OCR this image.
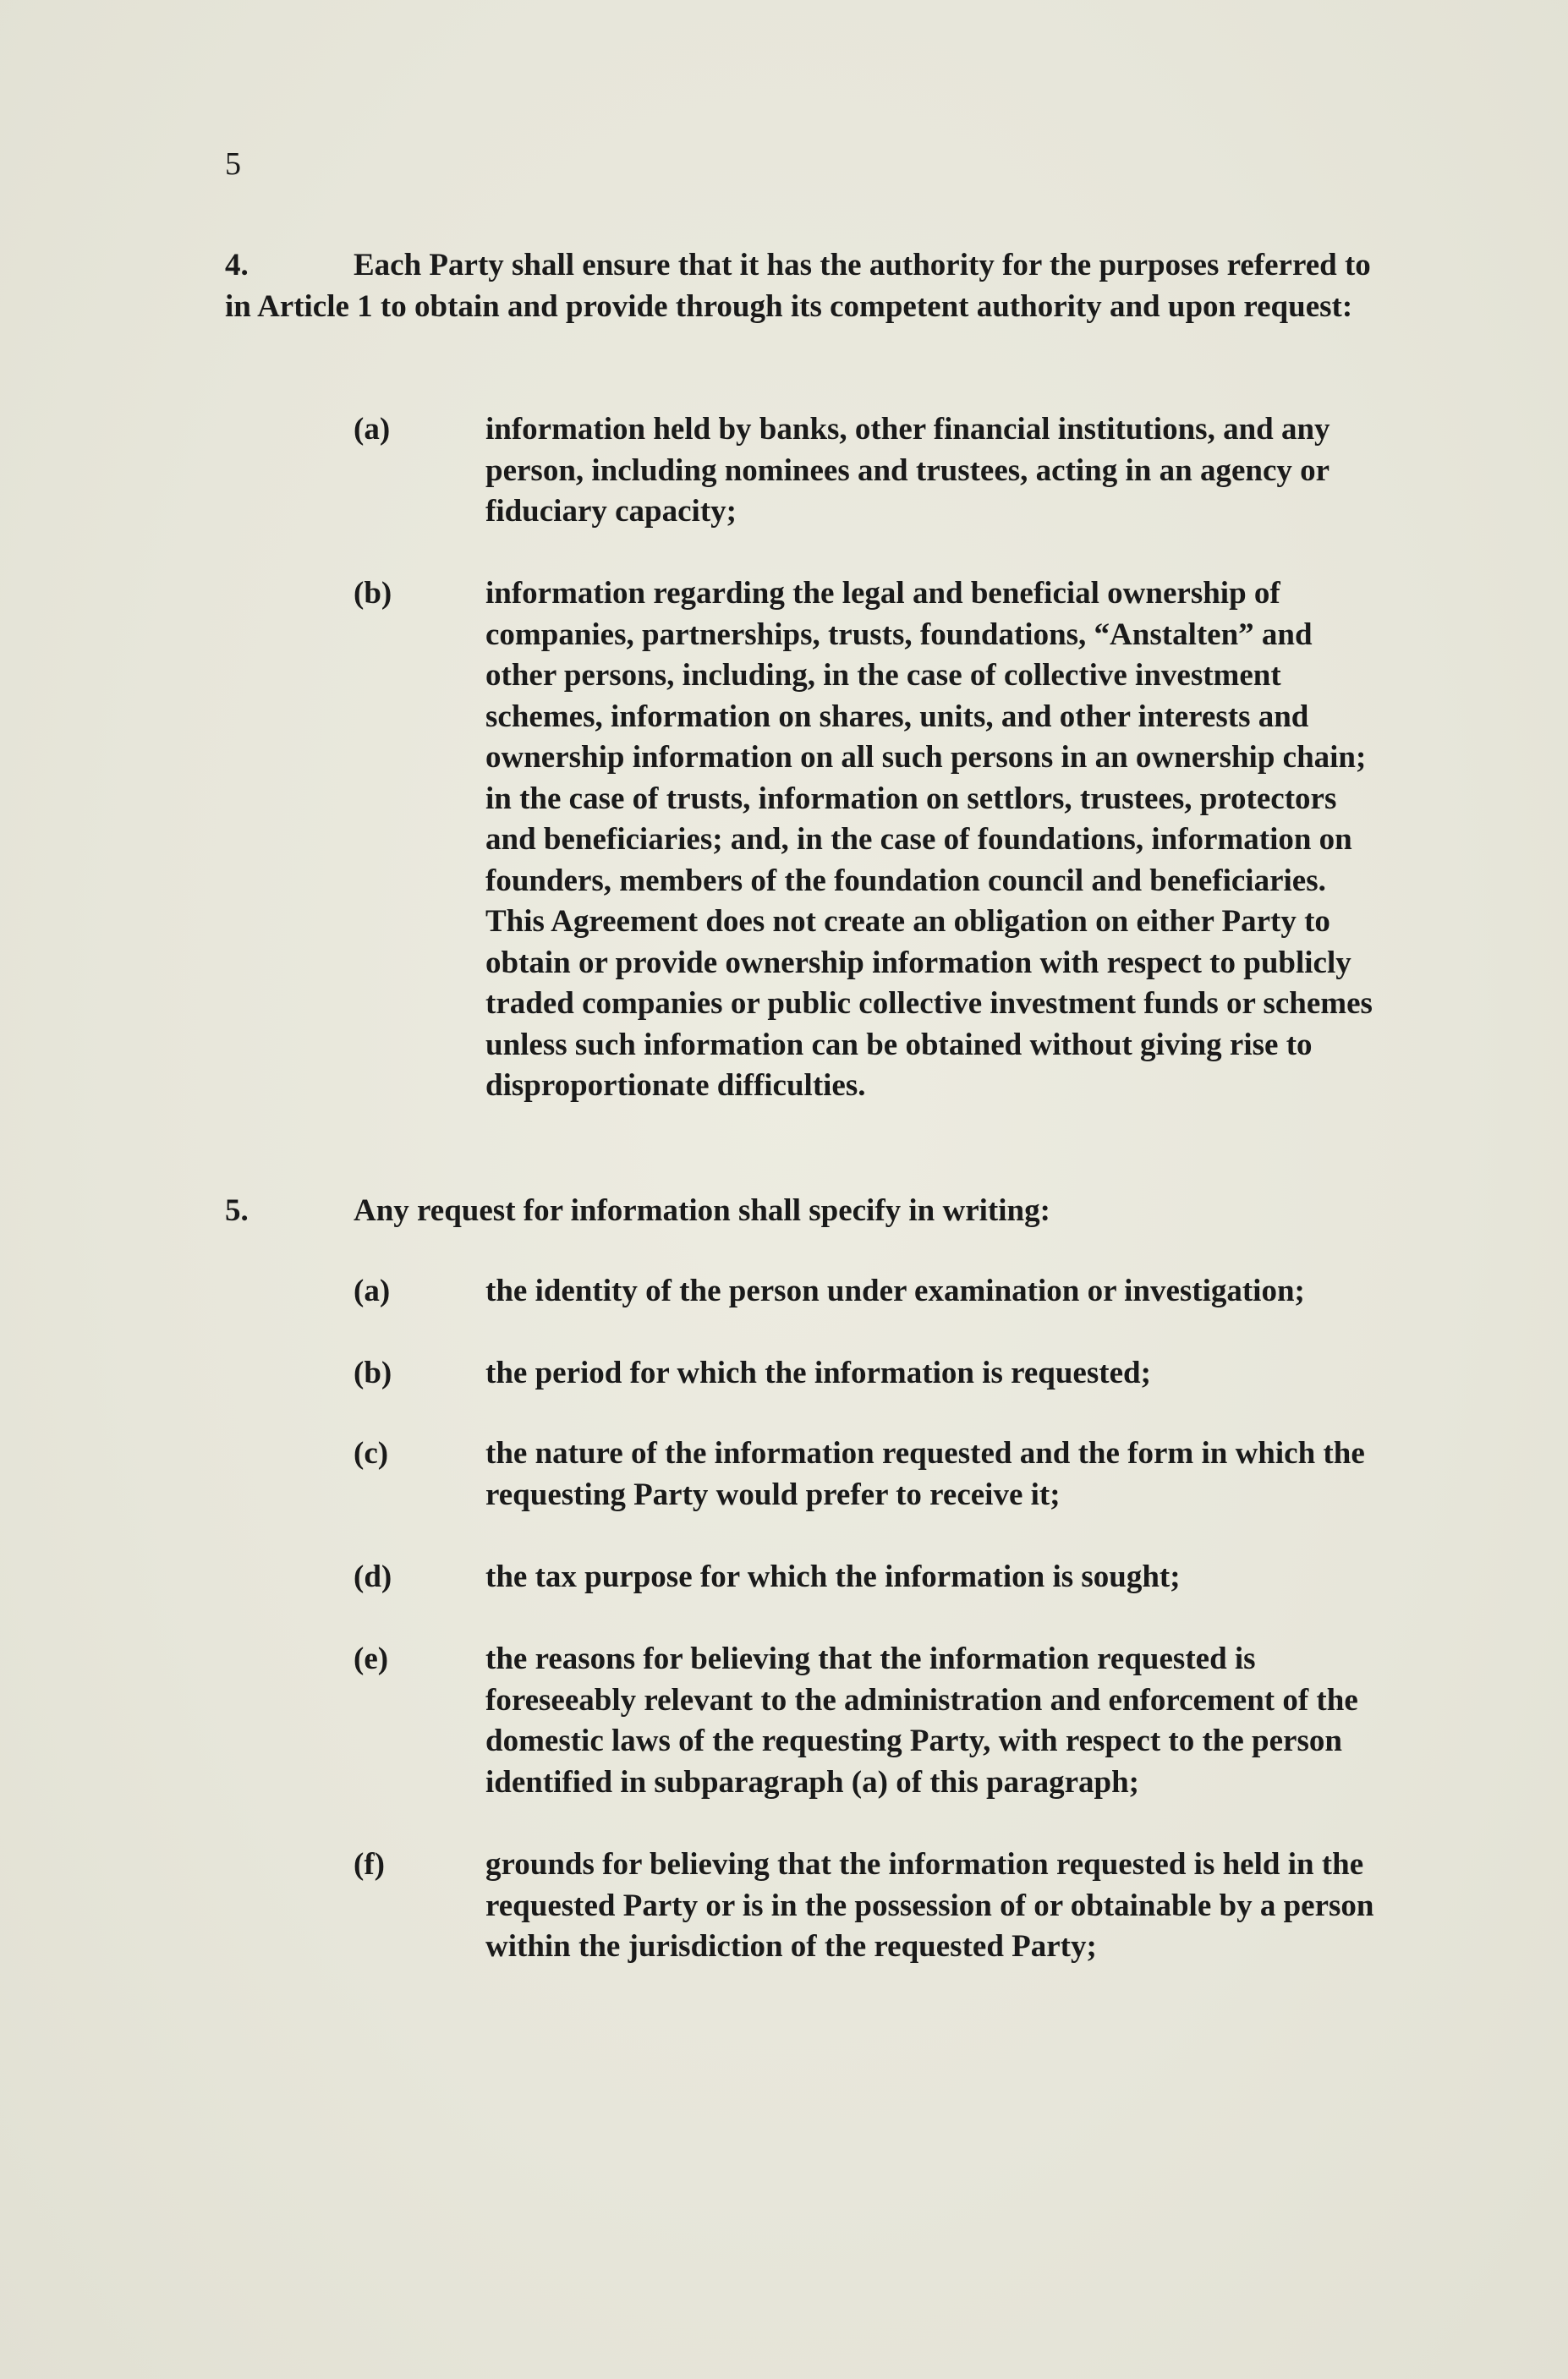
5
4.	Each Party shall ensure that it has the authority for the purposes referred to in Article 1 to obtain and provide through its competent authority and upon request:
(a)	information held by banks, other financial institutions, and any person, including nominees and trustees, acting in an agency or fiduciary capacity;
(b)	information regarding the legal and beneficial ownership of companies, partnerships, trusts, foundations, “Anstalten” and other persons, including, in the case of collective investment schemes, information on shares, units, and other interests and ownership information on all such persons in an ownership chain; in the case of trusts, information on settlors, trustees, protectors and beneficiaries; and, in the case of foundations, information on founders, members of the foundation council and beneficiaries. This Agreement does not create an obligation on either Party to obtain or provide ownership information with respect to publicly traded companies or public collective investment funds or schemes unless such information can be obtained without giving rise to disproportionate difficulties.
5.	Any request for information shall specify in writing:
(a)	the identity of the person under examination or investigation;
(b)	the period for which the information is requested;
(c)	the nature of the information requested and the form in which the requesting Party would prefer to receive it;
(d)	the tax purpose for which the information is sought;
(e)	the reasons for believing that the information requested is foreseeably relevant to the administration and enforcement of the domestic laws of the requesting Party, with respect to the person identified in subparagraph (a) of this paragraph;
(f)	grounds for believing that the information requested is held in the requested Party or is in the possession of or obtainable by a person within the jurisdiction of the requested Party;
